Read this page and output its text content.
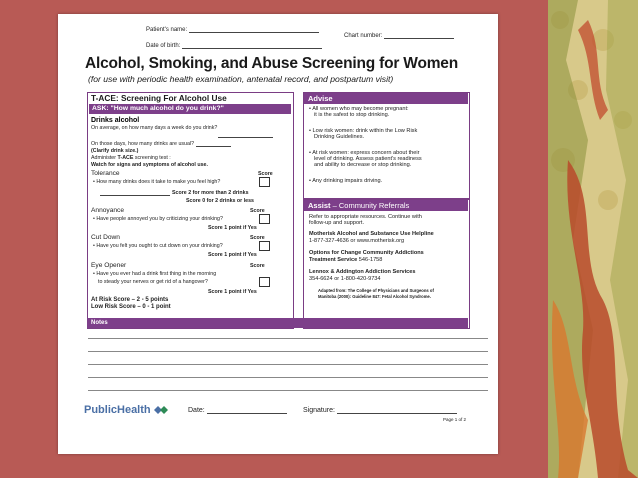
Patient's name:
Chart number:
Date of birth:
Alcohol, Smoking, and Abuse Screening for Women
(for use with periodic health examination, antenatal record, and postpartum visit)
T-ACE: Screening For Alcohol Use
ASK: "How much alcohol do you drink?"
Drinks alcohol
On average, on how many days a week do you drink?
On those days, how many drinks are usual?
(Clarify drink size.)
Administer T-ACE screening test :
Watch for signs and symptoms of alcohol use.
Tolerance	Score
• How many drinks does it take to make you feel high?
Score 2 for more than 2 drinks
Score 0 for 2 drinks or less
Annoyance	Score
• Have people annoyed you by criticizing your drinking?
Score 1 point if Yes
Cut Down	Score
• Have you felt you ought to cut down on your drinking?
Score 1 point if Yes
Eye Opener	Score
• Have you ever had a drink first thing in the morning
to steady your nerves or get rid of a hangover?
Score 1 point if Yes
At Risk Score – 2 - 5 points
Low Risk Score – 0 - 1 point
Advise
• All women who may become pregnant:
it is the safest to stop drinking.
• Low risk women: drink within the Low Risk
Drinking Guidelines.
• At risk women: express concern about their
level of drinking. Assess patient's readiness
and ability to decrease or stop drinking.
• Any drinking impairs driving.
Assist – Community Referrals
Refer to appropriate resources. Continue with
follow-up and support.
Motherisk Alcohol and Substance Use Helpline
1-877-327-4636 or www.motherisk.org
Options for Change Community Addictions
Treatment Service 546-1758
Lennox & Addington Addiction Services
354-6624 or 1-800-420-9734
Adapted from: The College of Physicians and Surgeons of
Manitoba (2000): Guideline 847: Fetal Alcohol Syndrome.
Notes
PublicHealth	Date:	Signature:
Page 1 of 2
